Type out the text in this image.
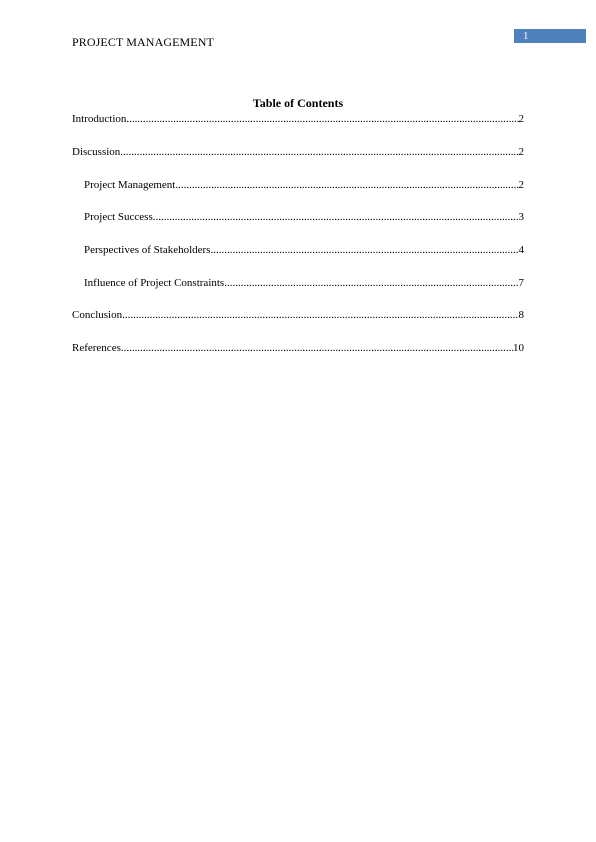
PROJECT MANAGEMENT	1
Table of Contents
Introduction .....	2
Discussion .....	2
Project Management .....	2
Project Success .....	3
Perspectives of Stakeholders .....	4
Influence of Project Constraints .....	7
Conclusion .....	8
References .....	10
